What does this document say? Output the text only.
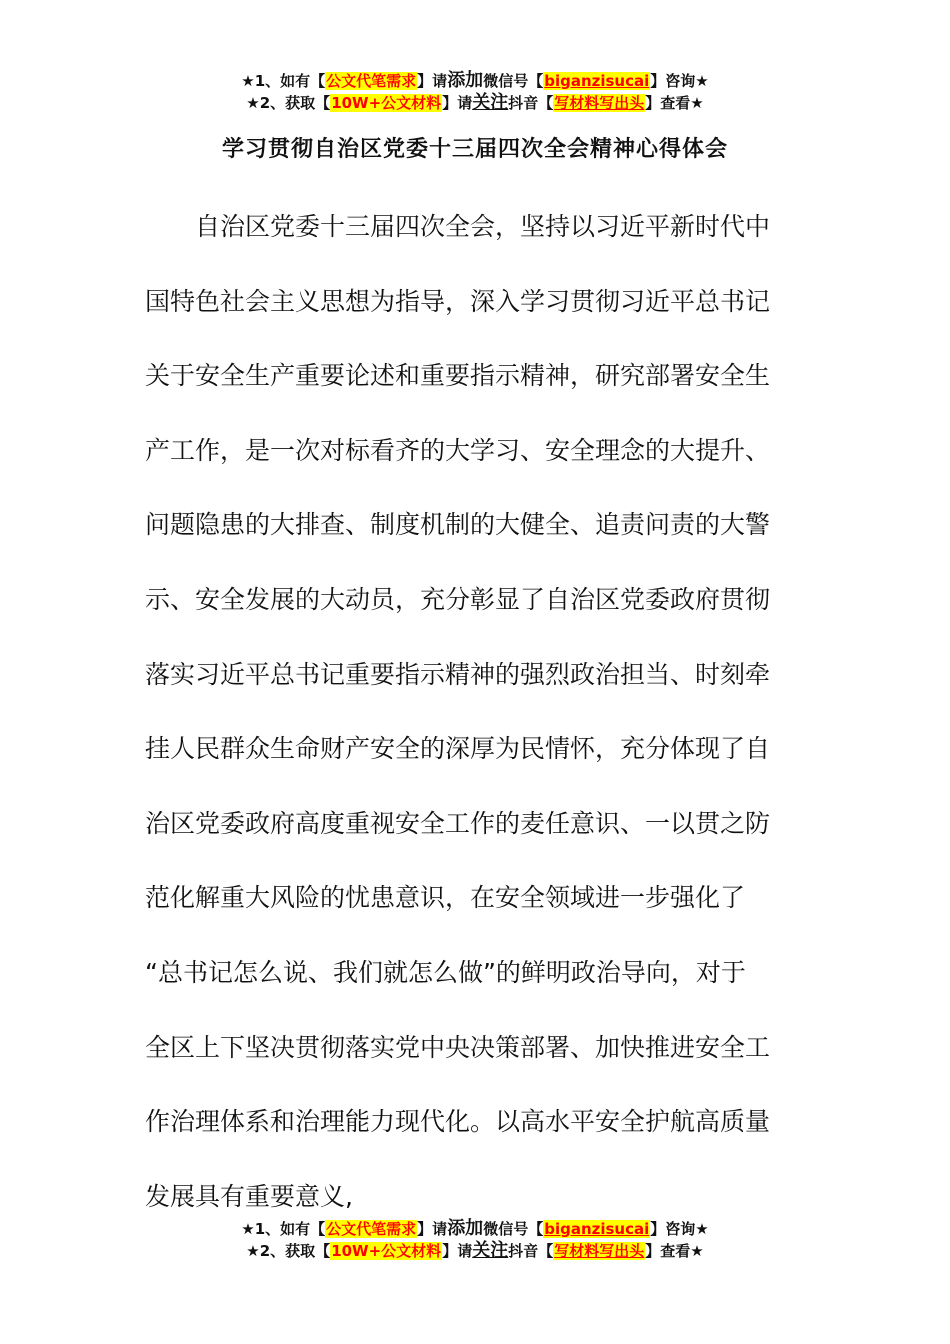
★1、如有【公文代笔需求】请添加微信号【biganzisucai】咨询★
★2、获取【10W+公文材料】请关注抖音【写材料写出头】查看★
学习贯彻自治区党委十三届四次全会精神心得体会
自治区党委十三届四次全会，坚持以习近平新时代中
国特色社会主义思想为指导，深入学习贯彻习近平总书记
关于安全生产重要论述和重要指示精神，研究部署安全生
产工作，是一次对标看齐的大学习、安全理念的大提升、
问题隐患的大排查、制度机制的大健全、追责问责的大警
示、安全发展的大动员，充分彰显了自治区党委政府贯彻
落实习近平总书记重要指示精神的强烈政治担当、时刻牵
挂人民群众生命财产安全的深厚为民情怀，充分体现了自
治区党委政府高度重视安全工作的麦任意识、一以贯之防
范化解重大风险的忧患意识，在安全领域进一步强化了
“总书记怎么说、我们就怎么做”的鲜明政治导向，对于
全区上下坚决贯彻落实党中央决策部署、加快推进安全工
作治理体系和治理能力现代化。以高水平安全护航高质量
发展具有重要意义,
★1、如有【公文代笔需求】请添加微信号【biganzisucai】咨询★
★2、获取【10W+公文材料】请关注抖音【写材料写出头】查看★
